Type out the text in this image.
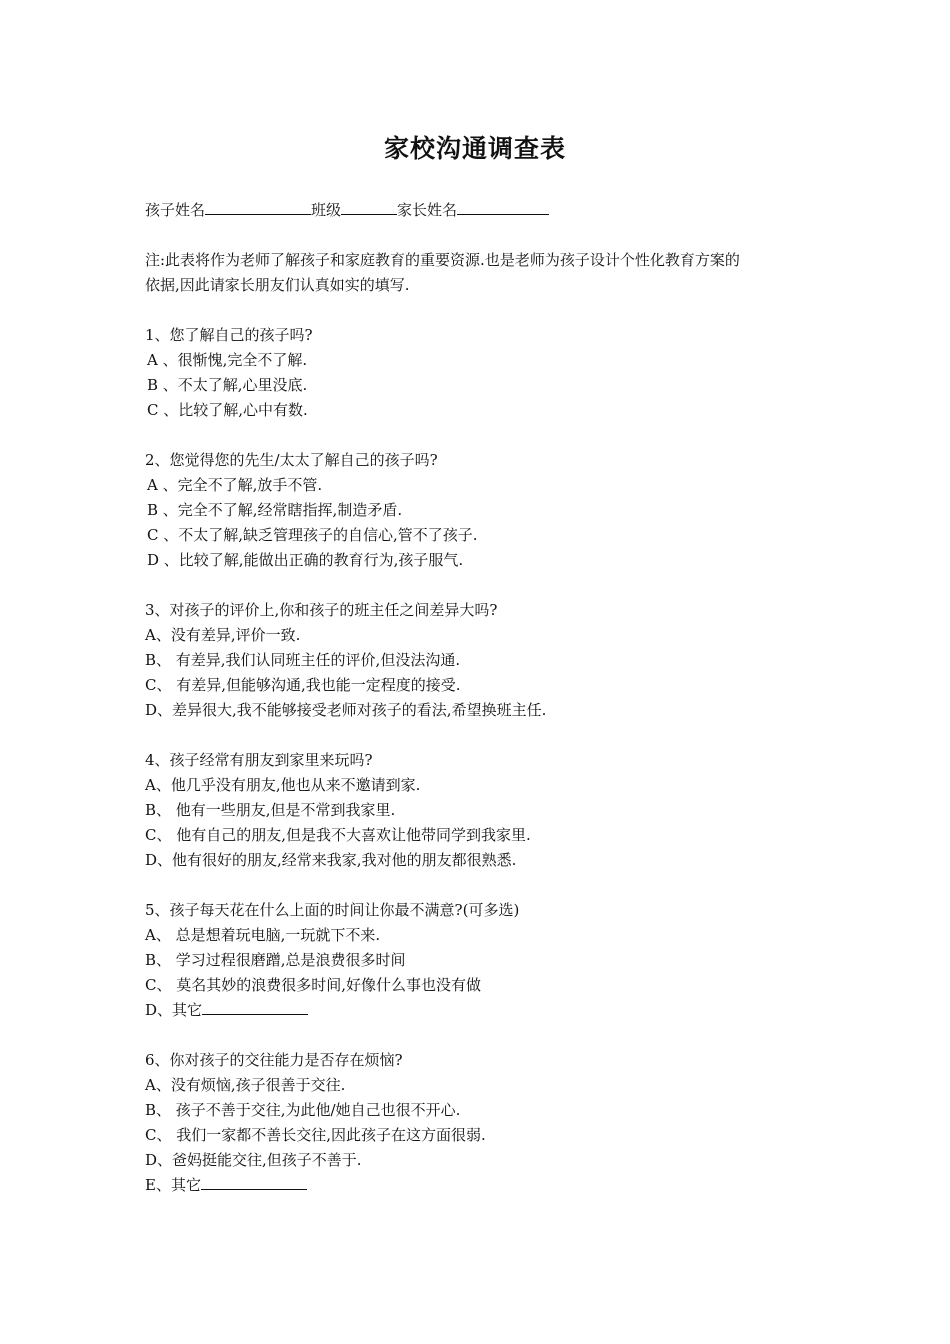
家校沟通调查表
孩子姓名	班级	家长姓名
注:此表将作为老师了解孩子和家庭教育的重要资源.也是老师为孩子设计个性化教育方案的
依据,因此请家长朋友们认真如实的填写.
1、您了解自己的孩子吗?
A 、很惭愧,完全不了解.
B 、不太了解,心里没底.
C 、比较了解,心中有数.
2、您觉得您的先生/太太了解自己的孩子吗?
A 、完全不了解,放手不管.
B 、完全不了解,经常瞎指挥,制造矛盾.
C 、不太了解,缺乏管理孩子的自信心,管不了孩子.
D 、比较了解,能做出正确的教育行为,孩子服气.
3、对孩子的评价上,你和孩子的班主任之间差异大吗?
A、没有差异,评价一致.
B、 有差异,我们认同班主任的评价,但没法沟通.
C、 有差异,但能够沟通,我也能一定程度的接受.
D、差异很大,我不能够接受老师对孩子的看法,希望换班主任.
4、孩子经常有朋友到家里来玩吗?
A、他几乎没有朋友,他也从来不邀请到家.
B、 他有一些朋友,但是不常到我家里.
C、 他有自己的朋友,但是我不大喜欢让他带同学到我家里.
D、他有很好的朋友,经常来我家,我对他的朋友都很熟悉.
5、孩子每天花在什么上面的时间让你最不满意?(可多选)
A、 总是想着玩电脑,一玩就下不来.
B、 学习过程很磨蹭,总是浪费很多时间
C、 莫名其妙的浪费很多时间,好像什么事也没有做
D、其它
6、你对孩子的交往能力是否存在烦恼?
A、没有烦恼,孩子很善于交往.
B、 孩子不善于交往,为此他/她自己也很不开心.
C、 我们一家都不善长交往,因此孩子在这方面很弱.
D、爸妈挺能交往,但孩子不善于.
E、其它
